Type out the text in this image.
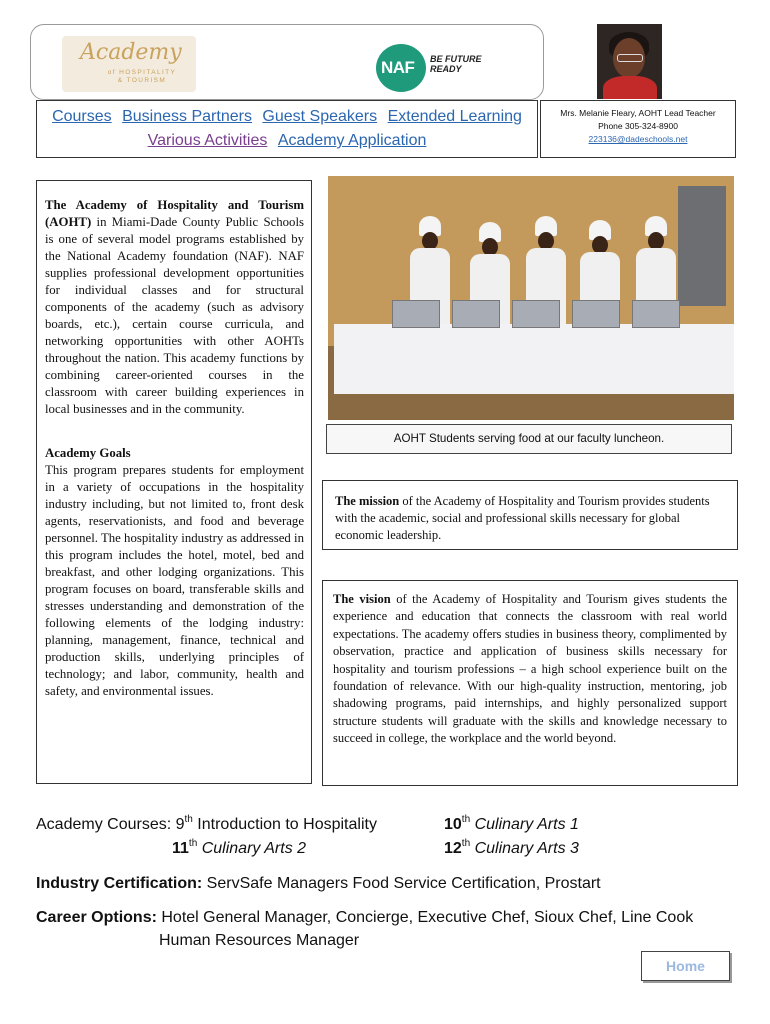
Academy
of HOSPITALITY
& TOURISM
NAF BE FUTURE
READY
Courses Business Partners Guest Speakers Extended Learning
Various Activities Academy Application
Mrs. Melanie Fleary, AOHT Lead Teacher
Phone 305-324-8900
223136@dadeschools.net
The Academy of Hospitality and Tourism (AOHT) in Miami-Dade County Public Schools is one of several model programs established by the National Academy foundation (NAF). NAF supplies professional development opportunities for individual classes and for structural components of the academy (such as advisory boards, etc.), certain course curricula, and networking opportunities with other AOHTs throughout the nation. This academy functions by combining career-oriented courses in the classroom with career building experiences in local businesses and in the community.
Academy Goals
This program prepares students for employment in a variety of occupations in the hospitality industry including, but not limited to, front desk agents, reservationists, and food and beverage personnel. The hospitality industry as addressed in this program includes the hotel, motel, bed and breakfast, and other lodging organizations. This program focuses on board, transferable skills and stresses understanding and demonstration of the following elements of the lodging industry: planning, management, finance, technical and production skills, underlying principles of technology; and labor, community, health and safety, and environmental issues.
AOHT Students serving food at our faculty luncheon.
The mission of the Academy of Hospitality and Tourism provides students with the academic, social and professional skills necessary for global economic leadership.
The vision of the Academy of Hospitality and Tourism gives students the experience and education that connects the classroom with real world expectations. The academy offers studies in business theory, complimented by observation, practice and application of business skills necessary for hospitality and tourism professions – a high school experience built on the foundation of relevance. With our high-quality instruction, mentoring, job shadowing programs, paid internships, and highly personalized support structure students will graduate with the skills and knowledge necessary to succeed in college, the workplace and the world beyond.
Academy Courses: 9th Introduction to Hospitality	10th Culinary Arts 1
11th Culinary Arts 2	12th Culinary Arts 3
Industry Certification: ServSafe Managers Food Service Certification, Prostart
Career Options: Hotel General Manager, Concierge, Executive Chef, Sioux Chef, Line Cook
Human Resources Manager
Home
